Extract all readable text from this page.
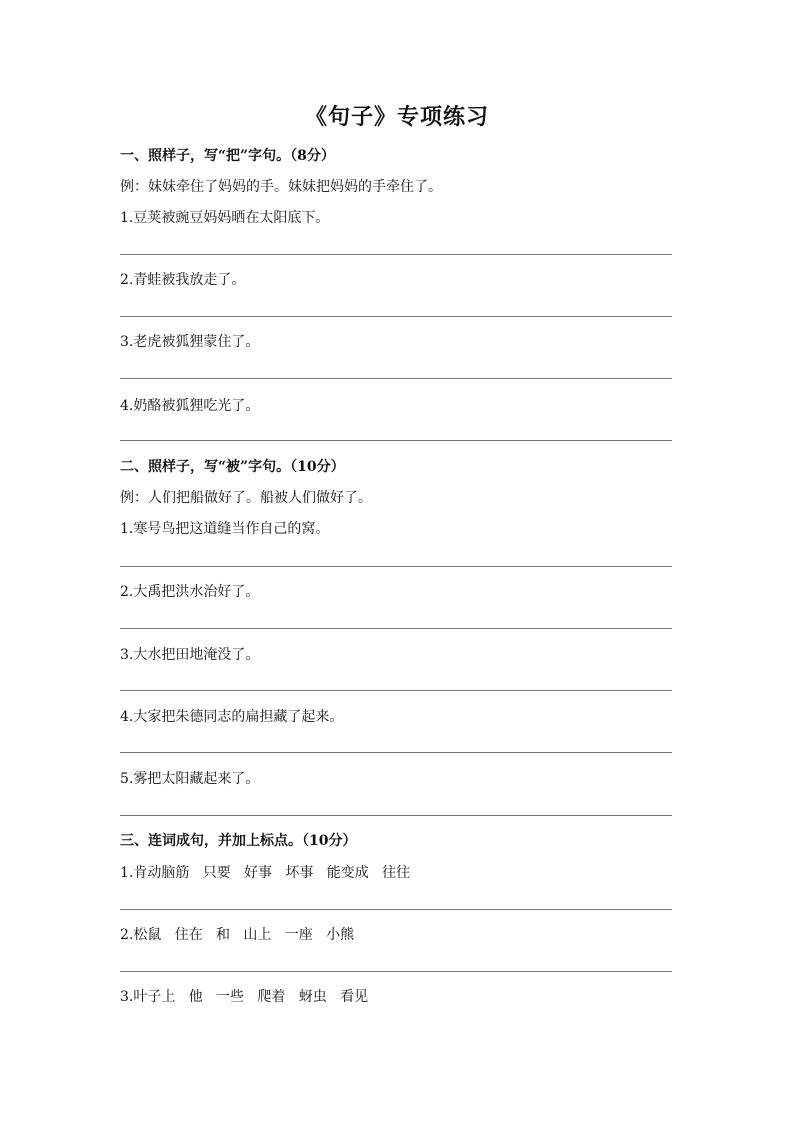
《句子》专项练习
一、照样子，写“把”字句。（8分）
例：妹妹牵住了妈妈的手。妹妹把妈妈的手牵住了。
1.豆荚被豌豆妈妈晒在太阳底下。
2.青蛙被我放走了。
3.老虎被狐狸蒙住了。
4.奶酪被狐狸吃光了。
二、照样子，写“被”字句。（10分）
例：人们把船做好了。船被人们做好了。
1.寒号鸟把这道缝当作自己的窝。
2.大禹把洪水治好了。
3.大水把田地淹没了。
4.大家把朱德同志的扁担藏了起来。
5.雾把太阳藏起来了。
三、连词成句，并加上标点。（10分）
1.肯动脑筋   只要   好事   坏事   能变成   往往
2.松鼠   住在   和   山上   一座   小熊
3.叶子上   他   一些   爬着   蚜虫   看见
